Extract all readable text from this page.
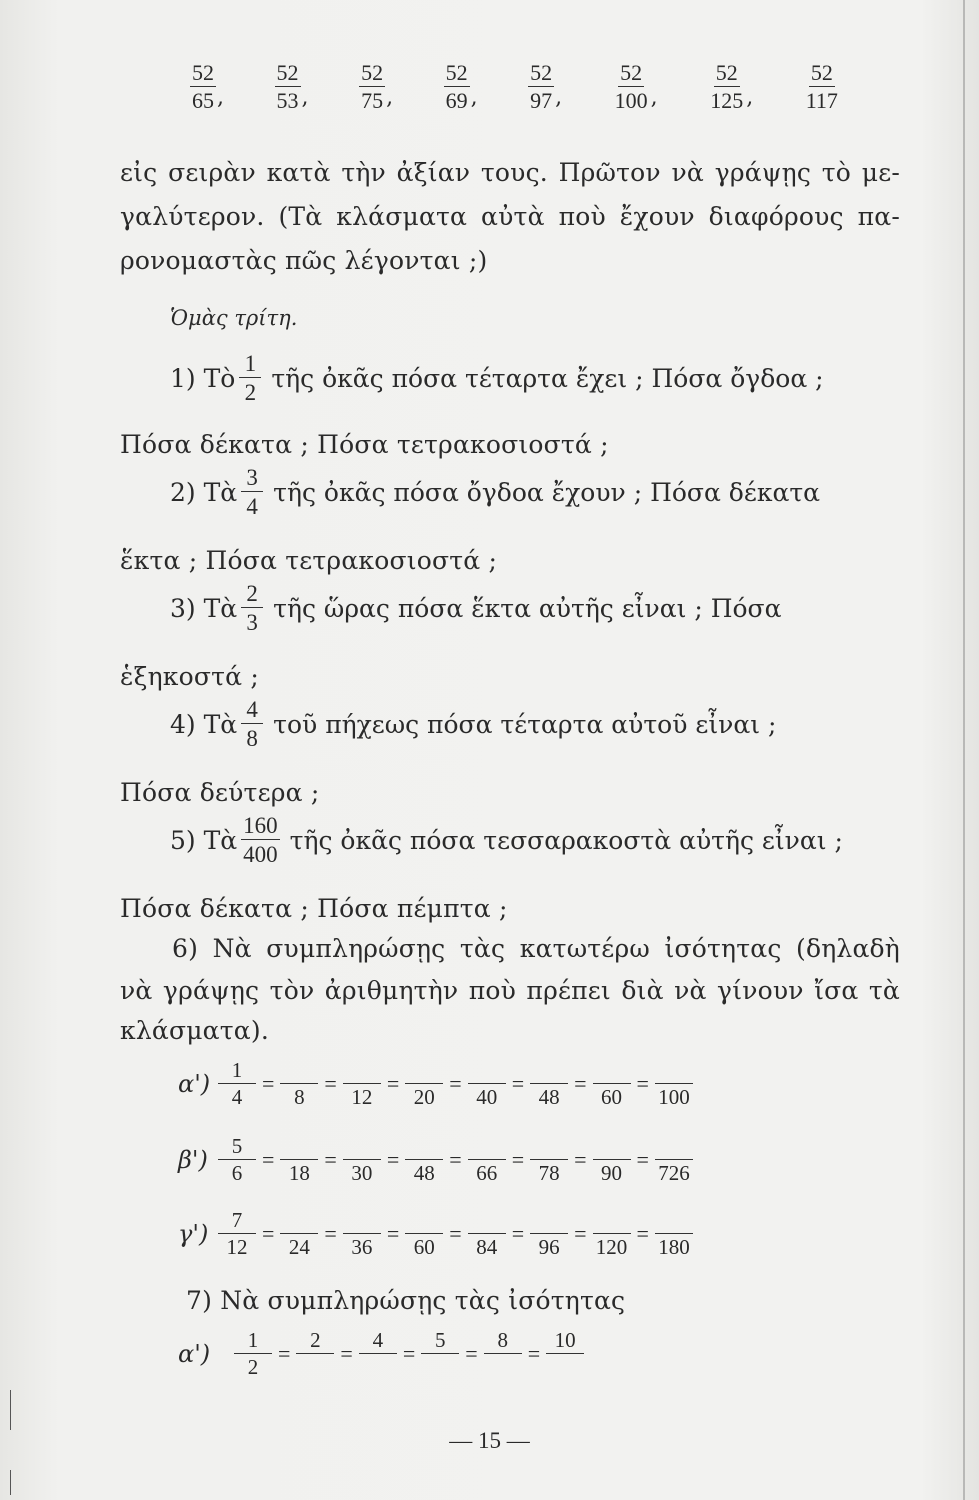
$\frac{52}{65}$ , $\frac{52}{53}$ , $\frac{52}{75}$ , $\frac{52}{69}$ , $\frac{52}{97}$ , $\frac{52}{100}$ , $\frac{52}{125}$ , $\frac{52}{117}$
εἰς σειρὰν κατὰ τὴν ἀξίαν τους. Πρῶτον νὰ γράψῃς τὸ με-
γαλύτερον. (Τὰ κλάσματα αὐτὰ ποὺ ἔχουν διαφόρους πα-
ρονομαστὰς πῶς λέγονται ;)
Ὁμὰς τρίτη.
1) Τὸ $\frac{1}{2}$ τῆς ὀκᾶς πόσα τέταρτα ἔχει ; Πόσα ὄγδοα ;
Πόσα δέκατα ; Πόσα τετρακοσιοστά ;
2) Τὰ $\frac{3}{4}$ τῆς ὀκᾶς πόσα ὄγδοα ἔχουν ; Πόσα δέκατα
ἕκτα ; Πόσα τετρακοσιοστά ;
3) Τὰ $\frac{2}{3}$ τῆς ὥρας πόσα ἕκτα αὐτῆς εἶναι ; Πόσα
ἑξηκοστά ;
4) Τὰ $\frac{4}{8}$ τοῦ πήχεως πόσα τέταρτα αὐτοῦ εἶναι ;
Πόσα δεύτερα ;
5) Τὰ $\frac{160}{400}$ τῆς ὀκᾶς πόσα τεσσαρακοστὰ αὐτῆς εἶναι ;
Πόσα δέκατα ; Πόσα πέμπτα ;
6) Νὰ συμπληρώσῃς τὰς κατωτέρω ἰσότητας (δηλαδὴ
νὰ γράψῃς τὸν ἀριθμητὴν ποὺ πρέπει διὰ νὰ γίνουν ἴσα τὰ
κλάσματα).
$\alpha') \frac{1}{4}$ =

8
=

12
=

20
=

40
=

48
=

60
=

100
$\beta') \frac{5}{6}$ =

18
=

30
=

48
=

66
=

78
=

90
=

726
$\gamma') \frac{7}{12}$ =

24
=

36
=

60
=

84
=

96
=

120
=

180
7) Νὰ συμπληρώσῃς τὰς ἰσότητας
α')	$\frac{1}{2}$ =
2

=
4

=
5

=
8

=
10

— 15 —
